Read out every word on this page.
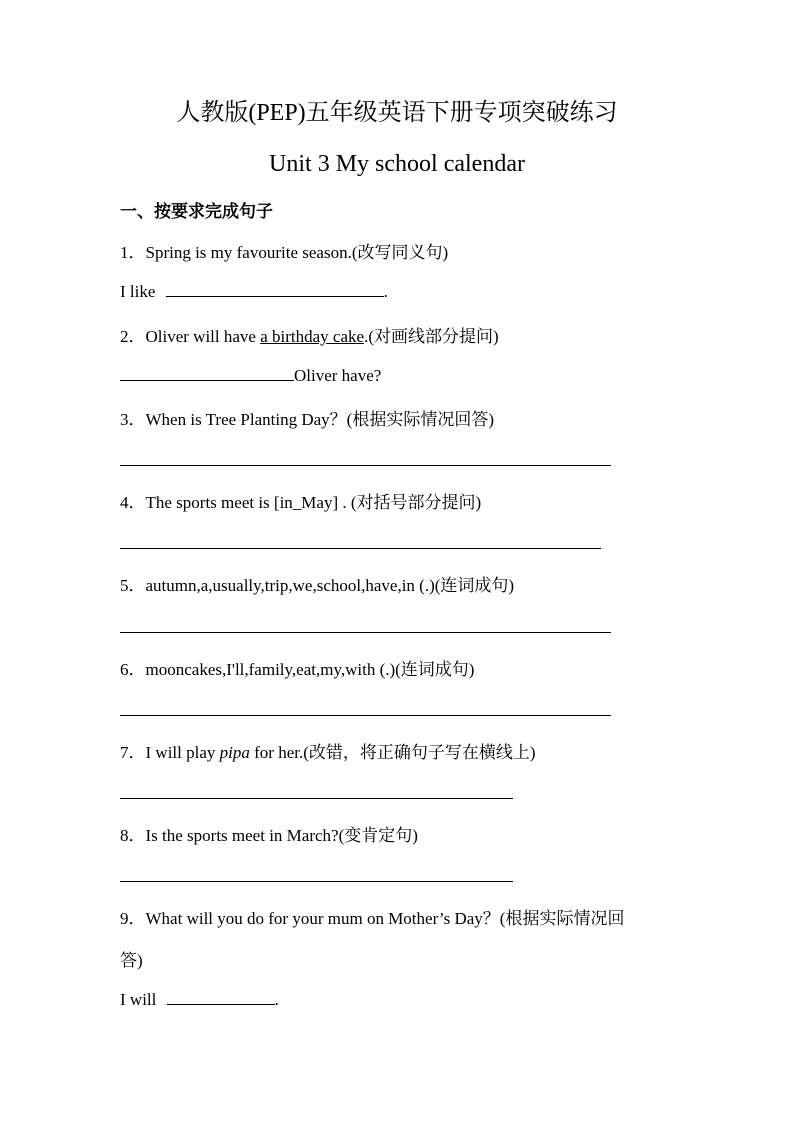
人教版(PEP)五年级英语下册专项突破练习
Unit 3 My school calendar
一、按要求完成句子
1．Spring is my favourite season.(改写同义句)
I like	.
2．Oliver will have a birthday cake.(对画线部分提问)
Oliver have?
3．When is Tree Planting Day？(根据实际情况回答)
4．The sports meet is [in_May] . (对括号部分提问)
5．autumn,a,usually,trip,we,school,have,in (.)(连词成句)
6．mooncakes,I'll,family,eat,my,with (.)(连词成句)
7．I will play pipa for her.(改错，将正确句子写在横线上)
8．Is the sports meet in March?(变肯定句)
9．What will you do for your mum on Mother’s Day？(根据实际情况回
答)
I will	.
